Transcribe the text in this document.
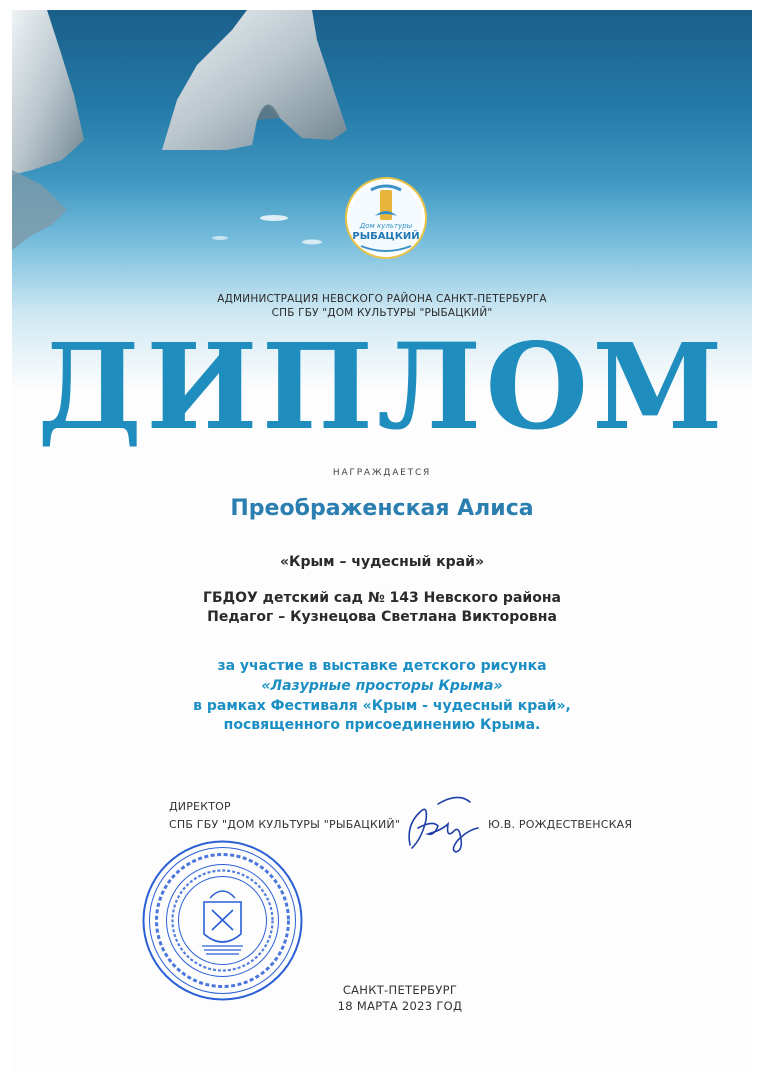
Дом культуры
РЫБАЦКИЙ
АДМИНИСТРАЦИЯ НЕВСКОГО РАЙОНА САНКТ-ПЕТЕРБУРГА
СПБ ГБУ "ДОМ КУЛЬТУРЫ "РЫБАЦКИЙ"
ДИПЛОМ
НАГРАЖДАЕТСЯ
Преображенская Алиса
«Крым – чудесный край»
ГБДОУ детский сад № 143 Невского района
Педагог – Кузнецова Светлана Викторовна
за участие в выставке детского рисунка
«Лазурные просторы Крыма»
в рамках Фестиваля «Крым - чудесный край»,
посвященного присоединению Крыма.
ДИРЕКТОР
СПБ ГБУ "ДОМ КУЛЬТУРЫ "РЫБАЦКИЙ"	Ю.В. РОЖДЕСТВЕНСКАЯ
САНКТ-ПЕТЕРБУРГ
18 МАРТА 2023 ГОД
